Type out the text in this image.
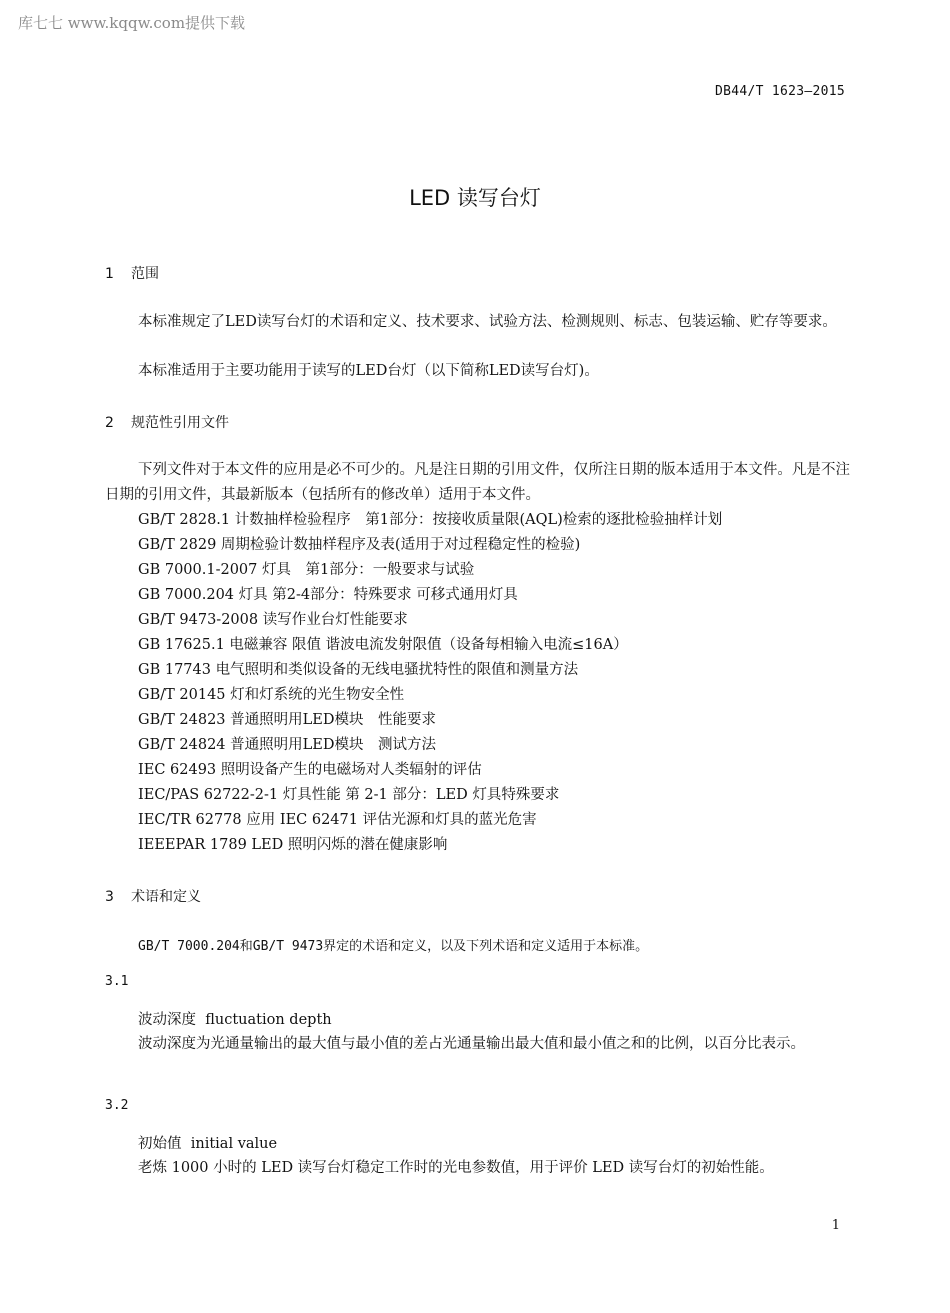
库七七 www.kqqw.com提供下载
DB44/T 1623—2015
LED 读写台灯
1 范围
本标准规定了LED读写台灯的术语和定义、技术要求、试验方法、检测规则、标志、包装运输、贮存等要求。
本标准适用于主要功能用于读写的LED台灯（以下简称LED读写台灯)。
2 规范性引用文件
下列文件对于本文件的应用是必不可少的。凡是注日期的引用文件，仅所注日期的版本适用于本文件。凡是不注日期的引用文件，其最新版本（包括所有的修改单）适用于本文件。
GB/T 2828.1 计数抽样检验程序　第1部分：按接收质量限(AQL)检索的逐批检验抽样计划
GB/T 2829 周期检验计数抽样程序及表(适用于对过程稳定性的检验)
GB 7000.1-2007 灯具　第1部分：一般要求与试验
GB 7000.204 灯具 第2-4部分：特殊要求 可移式通用灯具
GB/T 9473-2008 读写作业台灯性能要求
GB 17625.1 电磁兼容 限值 谐波电流发射限值（设备每相输入电流≤16A）
GB 17743 电气照明和类似设备的无线电骚扰特性的限值和测量方法
GB/T 20145 灯和灯系统的光生物安全性
GB/T 24823 普通照明用LED模块　性能要求
GB/T 24824 普通照明用LED模块　测试方法
IEC 62493 照明设备产生的电磁场对人类辐射的评估
IEC/PAS 62722-2-1 灯具性能 第 2-1 部分：LED 灯具特殊要求
IEC/TR 62778 应用 IEC 62471 评估光源和灯具的蓝光危害
IEEEPAR 1789 LED 照明闪烁的潜在健康影响
3 术语和定义
GB/T 7000.204和GB/T 9473界定的术语和定义，以及下列术语和定义适用于本标准。
3.1
波动深度 fluctuation depth
波动深度为光通量输出的最大值与最小值的差占光通量输出最大值和最小值之和的比例，以百分比表示。
3.2
初始值 initial value
老炼 1000 小时的 LED 读写台灯稳定工作时的光电参数值，用于评价 LED 读写台灯的初始性能。
1
